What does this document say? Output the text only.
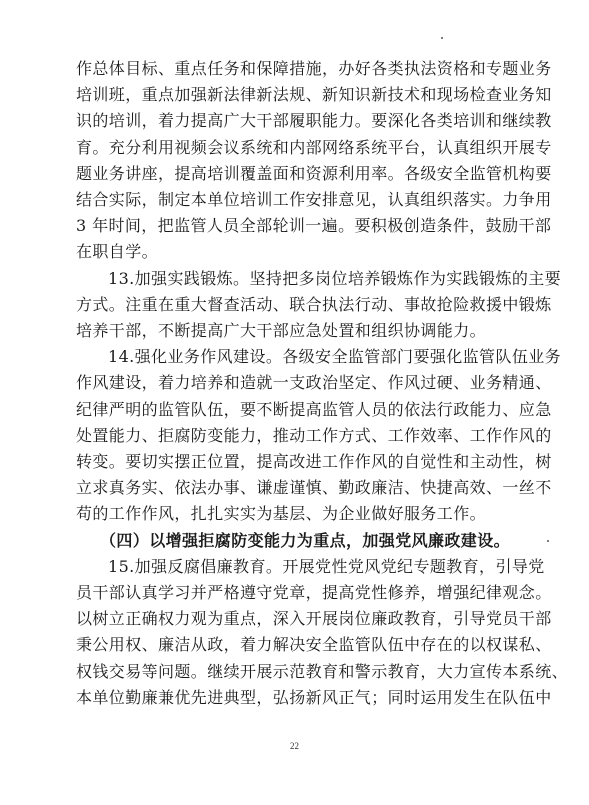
作总体目标、重点任务和保障措施，办好各类执法资格和专题业务
培训班，重点加强新法律新法规、新知识新技术和现场检查业务知
识的培训，着力提高广大干部履职能力。要深化各类培训和继续教
育。充分利用视频会议系统和内部网络系统平台，认真组织开展专
题业务讲座，提高培训覆盖面和资源利用率。各级安全监管机构要
结合实际，制定本单位培训工作安排意见，认真组织落实。力争用
3 年时间，把监管人员全部轮训一遍。要积极创造条件，鼓励干部
在职自学。
13.加强实践锻炼。坚持把多岗位培养锻炼作为实践锻炼的主要
方式。注重在重大督查活动、联合执法行动、事故抢险救援中锻炼
培养干部，不断提高广大干部应急处置和组织协调能力。
14.强化业务作风建设。各级安全监管部门要强化监管队伍业务
作风建设，着力培养和造就一支政治坚定、作风过硬、业务精通、
纪律严明的监管队伍，要不断提高监管人员的依法行政能力、应急
处置能力、拒腐防变能力，推动工作方式、工作效率、工作作风的
转变。要切实摆正位置，提高改进工作作风的自觉性和主动性，树
立求真务实、依法办事、谦虚谨慎、勤政廉洁、快捷高效、一丝不
苟的工作作风，扎扎实实为基层、为企业做好服务工作。
（四）以增强拒腐防变能力为重点，加强党风廉政建设。
15.加强反腐倡廉教育。开展党性党风党纪专题教育，引导党
员干部认真学习并严格遵守党章，提高党性修养，增强纪律观念。
以树立正确权力观为重点，深入开展岗位廉政教育，引导党员干部
秉公用权、廉洁从政，着力解决安全监管队伍中存在的以权谋私、
权钱交易等问题。继续开展示范教育和警示教育，大力宣传本系统、
本单位勤廉兼优先进典型，弘扬新风正气；同时运用发生在队伍中
22
